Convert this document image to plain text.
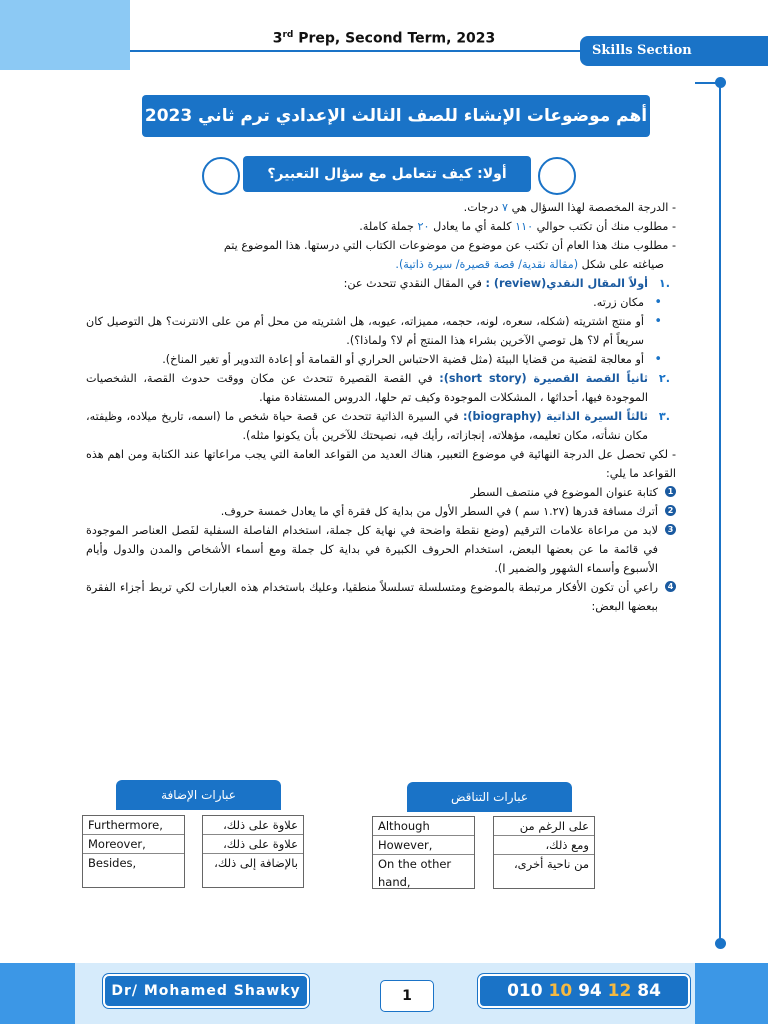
3rd Prep, Second Term, 2023
Skills Section
أهم موضوعات الإنشاء للصف الثالث الإعدادي ترم ثاني 2023
أولا: كيف تتعامل مع سؤال التعبير؟

- الدرجة المخصصة لهذا السؤال هي ٧ درجات.

- مطلوب منك أن تكتب حوالي ١١٠ كلمة أي ما يعادل ٢٠ جملة كاملة.

- مطلوب منك هذا العام أن تكتب عن موضوع من موضوعات الكتاب التي درستها. هذا الموضوع يتم

صياغته على شكل (مقالة نقدية/ قصة قصيرة/ سيرة ذاتية).

.١
أولاً المقال النقدي(review) : في المقال النقدي تتحدث عن:

• مكان زرته.

• أو منتج اشتريته (شكله، سعره، لونه، حجمه، مميزاته، عيوبه، هل اشتريته من محل أم من على الانترنت؟ هل التوصيل كان سريعاً أم لا؟ هل توصي الآخرين بشراء هذا المنتج أم لا؟ ولماذا؟).

• أو معالجة لقضية من قضايا البيئة (مثل قضية الاحتباس الحراري أو القمامة أو إعادة التدوير أو تغير المناخ).

.٢
ثانياً القصة القصيرة (short story): في القصة القصيرة تتحدث عن مكان ووقت حدوث القصة، الشخصيات الموجودة فيها، أحداثها ، المشكلات الموجودة وكيف تم حلها، الدروس المستفادة منها.

.٣
ثالثاً السيرة الذاتية (biography): في السيرة الذاتية تتحدث عن قصة حياة شخص ما (اسمه، تاريخ ميلاده، وظيفته، مكان نشأته، مكان تعليمه، مؤهلاته، إنجازاته، رأيك فيه، نصيحتك للآخرين بأن يكونوا مثله).

- لكي تحصل عل الدرجة النهائية في موضوع التعبير، هناك العديد من القواعد العامة التي يجب مراعاتها عند الكتابة ومن اهم هذه القواعد ما يلي:

1
كتابة عنوان الموضوع في منتصف السطر

2
أترك مسافة قدرها (١.٢٧ سم ) في السطر الأول من بداية كل فقرة أي ما يعادل خمسة حروف.

3
لابد من مراعاة علامات الترقيم (وضع نقطة واضحة في نهاية كل جملة، استخدام الفاصلة السفلية لفَصل العناصر الموجودة في قائمة ما عن بعضها البعض، استخدام الحروف الكبيرة في بداية كل جملة ومع أسماء الأشخاص والمدن والدول وأيام الأسبوع وأسماء الشهور والضمير I).

4
راعي أن تكون الأفكار مرتبطة بالموضوع ومتسلسلة تسلسلاً منطقيا، وعليك باستخدام هذه العبارات لكي تربط أجزاء الفقرة ببعضها البعض:

عبارات الإضافة
Furthermore,
Moreover,
Besides,
علاوة على ذلك،
علاوة على ذلك،
بالإضافة إلى ذلك،
عبارات التناقض
Although
However,
On the other hand,
على الرغم من
ومع ذلك،
من ناحية أخرى،
Dr/ Mohamed Shawky	1	010 10 94 12 84
